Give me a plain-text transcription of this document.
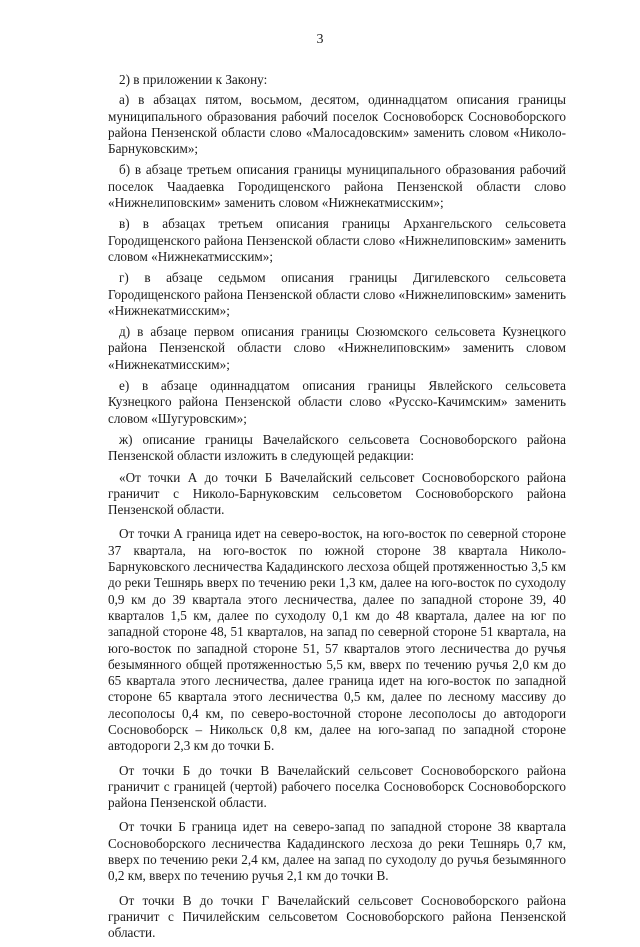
3

2) в приложении к Закону:

а) в абзацах пятом, восьмом, десятом, одиннадцатом описания границы муниципального образования рабочий поселок Сосновоборск Сосновоборского района Пензенской области слово «Малосадовским» заменить словом «Николо-Барнуковским»;

б) в абзаце третьем описания границы муниципального образования рабочий поселок Чаадаевка Городищенского района Пензенской области слово «Нижнелиповским» заменить словом «Нижнекатмисским»;

в) в абзацах третьем описания границы Архангельского сельсовета Городищенского района Пензенской области слово «Нижнелиповским» заменить словом «Нижнекатмисским»;

г) в абзаце седьмом описания границы Дигилевского сельсовета Городищенского района Пензенской области слово «Нижнелиповским» заменить «Нижнекатмисским»;

д) в абзаце первом описания границы Сюзюмского сельсовета Кузнецкого района Пензенской области слово «Нижнелиповским» заменить словом «Нижнекатмисским»;

е) в абзаце одиннадцатом описания границы Явлейского сельсовета Кузнецкого района Пензенской области слово «Русско-Качимским» заменить словом «Шугуровским»;

ж) описание границы Вачелайского сельсовета Сосновоборского района Пензенской области изложить в следующей редакции:

«От точки А до точки Б Вачелайский сельсовет Сосновоборского района граничит с Николо-Барнуковским сельсоветом Сосновоборского района Пензенской области.

От точки А граница идет на северо-восток, на юго-восток по северной стороне 37 квартала, на юго-восток по южной стороне 38 квартала Николо-Барнуковского лесничества Кададинского лесхоза общей протяженностью 3,5 км до реки Тешнярь вверх по течению реки 1,3 км, далее на юго-восток по суходолу 0,9 км до 39 квартала этого лесничества, далее по западной стороне 39, 40 кварталов 1,5 км, далее по суходолу 0,1 км до 48 квартала, далее на юг по западной стороне 48, 51 кварталов, на запад по северной стороне 51 квартала, на юго-восток по западной стороне 51, 57 кварталов этого лесничества до ручья безымянного общей протяженностью 5,5 км, вверх по течению ручья 2,0 км до 65 квартала этого лесничества, далее граница идет на юго-восток по западной стороне 65 квартала этого лесничества 0,5 км, далее по лесному массиву до лесополосы 0,4 км, по северо-восточной стороне лесополосы до автодороги Сосновоборск – Никольск 0,8 км, далее на юго-запад по западной стороне автодороги 2,3 км до точки Б.

От точки Б до точки В Вачелайский сельсовет Сосновоборского района граничит с границей (чертой) рабочего поселка Сосновоборск Сосновоборского района Пензенской области.

От точки Б граница идет на северо-запад по западной стороне 38 квартала Сосновоборского лесничества Кададинского лесхоза до реки Тешнярь 0,7 км, вверх по течению реки 2,4 км, далее на запад по суходолу до ручья безымянного 0,2 км, вверх по течению ручья 2,1 км до точки В.

От точки В до точки Г Вачелайский сельсовет Сосновоборского района граничит с Пичилейским сельсоветом Сосновоборского района Пензенской области.
